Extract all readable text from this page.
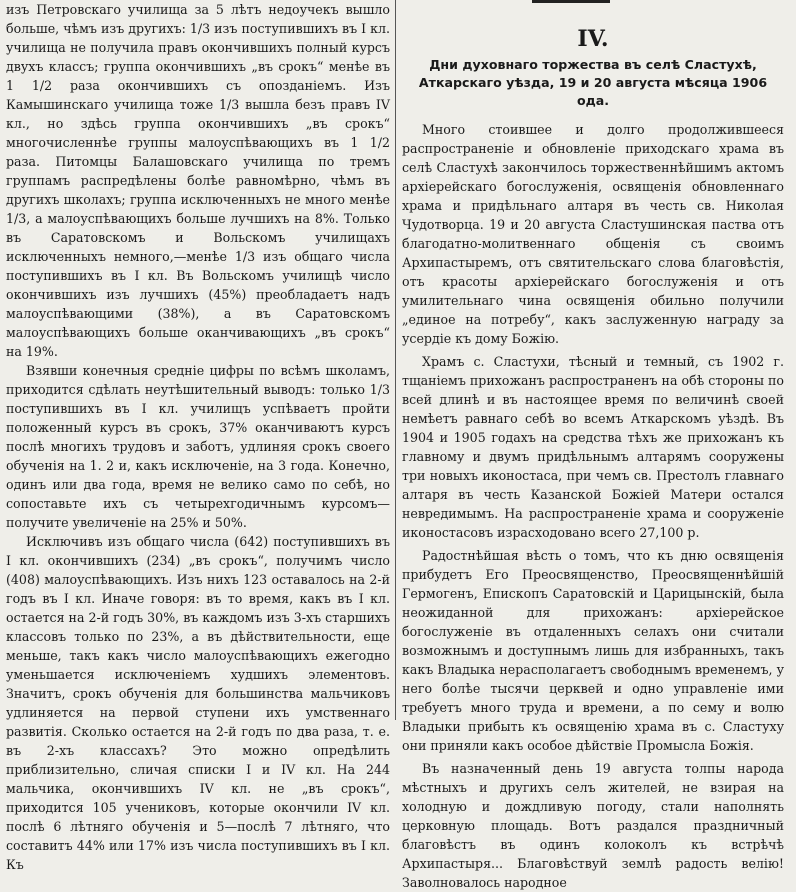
изъ Петровскаго училища за 5 лѣтъ недоучекъ вышло больше, чѣмъ изъ другихъ: 1/3 изъ поступившихъ въ I кл. училища не получила правъ окончившихъ полный курсъ двухъ классъ; группа окончившихъ „въ срокъ“ менѣе въ 1 1/2 раза окончившихъ съ опозданіемъ. Изъ Камышинскаго училища тоже 1/3 вышла безъ правъ IV кл., но здѣсь группа окончившихъ „въ срокъ“ многочисленнѣе группы малоуспѣвающихъ въ 1 1/2 раза. Питомцы Балашовскаго училища по тремъ группамъ распредѣлены болѣе равномѣрно, чѣмъ въ другихъ школахъ; группа исключенныхъ не много менѣе 1/3, а малоуспѣвающихъ больше лучшихъ на 8%. Только въ Саратовскомъ и Вольскомъ училищахъ исключенныхъ немного,—менѣе 1/3 изъ общаго числа поступившихъ въ I кл. Въ Вольскомъ училищѣ число окончившихъ изъ лучшихъ (45%) преобладаетъ надъ малоуспѣвающими (38%), а въ Саратовскомъ малоуспѣвающихъ больше оканчивающихъ „въ срокъ“ на 19%.

Взявши конечныя средніе цифры по всѣмъ школамъ, приходится сдѣлать неутѣшительный выводъ: только 1/3 поступившихъ въ I кл. училищъ успѣваетъ пройти положенный курсъ въ срокъ, 37% оканчиваютъ курсъ послѣ многихъ трудовъ и заботъ, удлиняя срокъ своего обученія на 1. 2 и, какъ исключеніе, на 3 года. Конечно, одинъ или два года, время не велико само по себѣ, но сопоставьте ихъ съ четырехгодичнымъ курсомъ—получите увеличеніе на 25% и 50%.

Исключивъ изъ общаго числа (642) поступившихъ въ I кл. окончившихъ (234) „въ срокъ“, получимъ число (408) малоуспѣвающихъ. Изъ нихъ 123 оставалось на 2-й годъ въ I кл. Иначе говоря: въ то время, какъ въ I кл. остается на 2-й годъ 30%, въ каждомъ изъ 3-хъ старшихъ классовъ только по 23%, а въ дѣйствительности, еще меньше, такъ какъ число малоуспѣвающихъ ежегодно уменьшается исключеніемъ худшихъ элементовъ. Значитъ, срокъ обученія для большинства мальчиковъ удлиняется на первой ступени ихъ умственнаго развитія. Сколько остается на 2-й годъ по два раза, т. е. въ 2-хъ классахъ? Это можно опредѣлить приблизительно, сличая списки I и IV кл. На 244 мальчика, окончившихъ IV кл. не „въ срокъ“, приходится 105 учениковъ, которые окончили IV кл. послѣ 6 лѣтняго обученія и 5—послѣ 7 лѣтняго, что составитъ 44% или 17% изъ числа поступившихъ въ I кл. Къ

IV.
Дни духовнаго торжества въ селѣ Сластухѣ, Аткарскаго уѣзда, 19 и 20 августа мѣсяца 1906 ода.

Много стоившее и долго продолжившееся распространеніе и обновленіе приходскаго храма въ селѣ Сластухѣ закончилось торжественнѣйшимъ актомъ архіерейскаго богослуженія, освященія обновленнаго храма и придѣльнаго алтаря въ честь св. Николая Чудотворца. 19 и 20 августа Сластушинская паства отъ благодатно-молитвеннаго общенія съ своимъ Архипастыремъ, отъ святительскаго слова благовѣстія, отъ красоты архіерейскаго богослуженія и отъ умилительнаго чина освященія обильно получили „единое на потребу“, какъ заслуженную награду за усердіе къ дому Божію.

Храмъ с. Сластухи, тѣсный и темный, съ 1902 г. тщаніемъ прихожанъ распространенъ на обѣ стороны по всей длинѣ и въ настоящее время по величинѣ своей немѣетъ равнаго себѣ во всемъ Аткарскомъ уѣздѣ. Въ 1904 и 1905 годахъ на средства тѣхъ же прихожанъ къ главному и двумъ придѣльнымъ алтарямъ сооружены три новыхъ иконостаса, при чемъ св. Престолъ главнаго алтаря въ честь Казанской Божіей Матери остался невредимымъ. На распространеніе храма и сооруженіе иконостасовъ израсходовано всего 27,100 р.

Радостнѣйшая вѣсть о томъ, что къ дню освященія прибудетъ Его Преосвященство, Преосвященнѣйшій Гермогенъ, Епископъ Саратовскій и Царицынскій, была неожиданной для прихожанъ: архіерейское богослуженіе въ отдаленныхъ селахъ они считали возможнымъ и доступнымъ лишь для избранныхъ, такъ какъ Владыка нерасполагаетъ свободнымъ временемъ, у него болѣе тысячи церквей и одно управленіе ими требуетъ много труда и времени, а по сему и волю Владыки прибыть къ освященію храма въ с. Сластуху они приняли какъ особое дѣйствіе Промысла Божія.

Въ назначенный день 19 августа толпы народа мѣстныхъ и другихъ селъ жителей, не взирая на холодную и дождливую погоду, стали наполнять церковную площадь. Вотъ раздался праздничный благовѣстъ въ одинъ колоколъ къ встрѣчѣ Архипастыря... Благовѣствуй землѣ радость велію! Заволновалось народное
